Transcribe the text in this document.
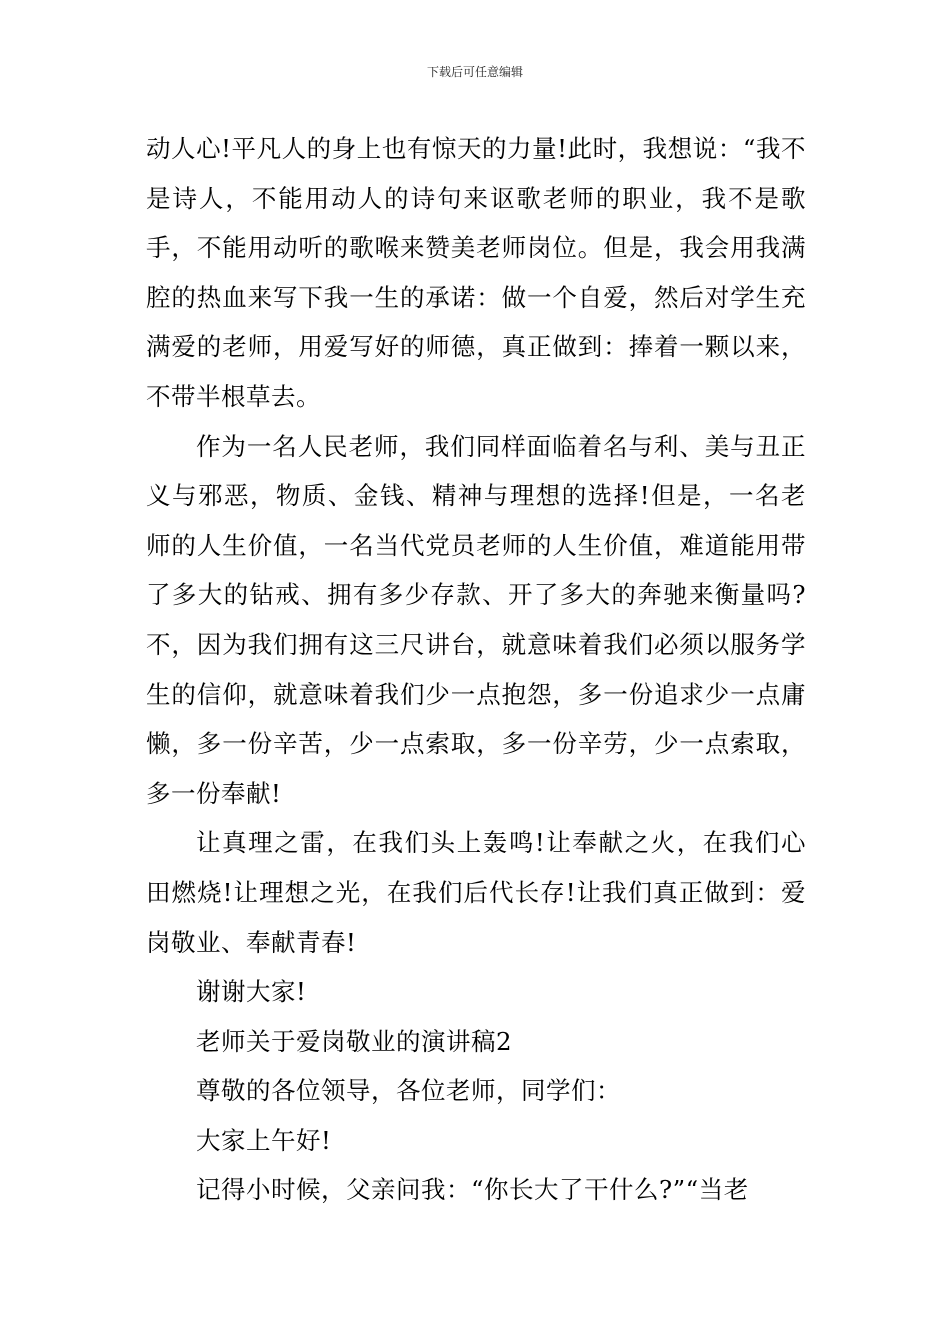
下载后可任意编辑

动人心!平凡人的身上也有惊天的力量!此时，我想说：“我不是诗人，不能用动人的诗句来讴歌老师的职业，我不是歌手，不能用动听的歌喉来赞美老师岗位。但是，我会用我满腔的热血来写下我一生的承诺：做一个自爱，然后对学生充满爱的老师，用爱写好的师德，真正做到：捧着一颗以来，不带半根草去。

作为一名人民老师，我们同样面临着名与利、美与丑正义与邪恶，物质、金钱、精神与理想的选择!但是，一名老师的人生价值，一名当代党员老师的人生价值，难道能用带了多大的钻戒、拥有多少存款、开了多大的奔驰来衡量吗?不，因为我们拥有这三尺讲台，就意味着我们必须以服务学生的信仰，就意味着我们少一点抱怨，多一份追求少一点庸懒，多一份辛苦，少一点索取，多一份辛劳，少一点索取，多一份奉献!

让真理之雷，在我们头上轰鸣!让奉献之火，在我们心田燃烧!让理想之光，在我们后代长存!让我们真正做到：爱岗敬业、奉献青春!

谢谢大家!

老师关于爱岗敬业的演讲稿2

尊敬的各位领导，各位老师，同学们：

大家上午好!

记得小时候，父亲问我：“你长大了干什么?”“当老
